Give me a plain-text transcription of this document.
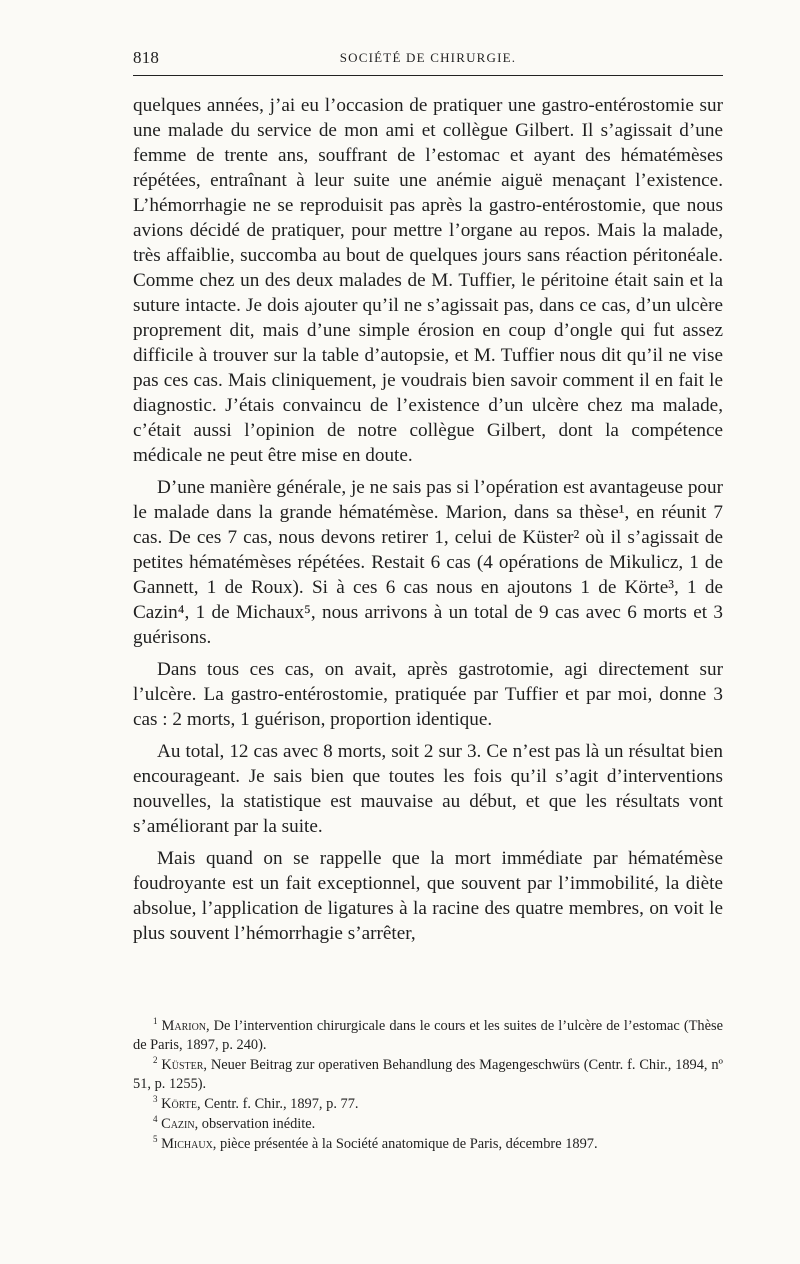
818	SOCIÉTÉ DE CHIRURGIE.

quelques années, j’ai eu l’occasion de pratiquer une gastro-entérostomie sur une malade du service de mon ami et collègue Gilbert. Il s’agissait d’une femme de trente ans, souffrant de l’estomac et ayant des hématémèses répétées, entraînant à leur suite une anémie aiguë menaçant l’existence. L’hémorrhagie ne se reproduisit pas après la gastro-entérostomie, que nous avions décidé de pratiquer, pour mettre l’organe au repos. Mais la malade, très affaiblie, succomba au bout de quelques jours sans réaction péritonéale. Comme chez un des deux malades de M. Tuffier, le péritoine était sain et la suture intacte. Je dois ajouter qu’il ne s’agissait pas, dans ce cas, d’un ulcère proprement dit, mais d’une simple érosion en coup d’ongle qui fut assez difficile à trouver sur la table d’autopsie, et M. Tuffier nous dit qu’il ne vise pas ces cas. Mais cliniquement, je voudrais bien savoir comment il en fait le diagnostic. J’étais convaincu de l’existence d’un ulcère chez ma malade, c’était aussi l’opinion de notre collègue Gilbert, dont la compétence médicale ne peut être mise en doute.

D’une manière générale, je ne sais pas si l’opération est avantageuse pour le malade dans la grande hématémèse. Marion, dans sa thèse¹, en réunit 7 cas. De ces 7 cas, nous devons retirer 1, celui de Küster² où il s’agissait de petites hématémèses répétées. Restait 6 cas (4 opérations de Mikulicz, 1 de Gannett, 1 de Roux). Si à ces 6 cas nous en ajoutons 1 de Körte³, 1 de Cazin⁴, 1 de Michaux⁵, nous arrivons à un total de 9 cas avec 6 morts et 3 guérisons.

Dans tous ces cas, on avait, après gastrotomie, agi directement sur l’ulcère. La gastro-entérostomie, pratiquée par Tuffier et par moi, donne 3 cas : 2 morts, 1 guérison, proportion identique.

Au total, 12 cas avec 8 morts, soit 2 sur 3. Ce n’est pas là un résultat bien encourageant. Je sais bien que toutes les fois qu’il s’agit d’interventions nouvelles, la statistique est mauvaise au début, et que les résultats vont s’améliorant par la suite.

Mais quand on se rappelle que la mort immédiate par hématémèse foudroyante est un fait exceptionnel, que souvent par l’immobilité, la diète absolue, l’application de ligatures à la racine des quatre membres, on voit le plus souvent l’hémorrhagie s’arrêter,

$^1$ Marion, De l’intervention chirurgicale dans le cours et les suites de l’ulcère de l’estomac (Thèse de Paris, 1897, p. 240).

$^2$ Küster, Neuer Beitrag zur operativen Behandlung des Magengeschwürs (Centr. f. Chir., 1894, nº 51, p. 1255).

$^3$ Körte, Centr. f. Chir., 1897, p. 77.

$^4$ Cazin, observation inédite.

$^5$ Michaux, pièce présentée à la Société anatomique de Paris, décembre 1897.
